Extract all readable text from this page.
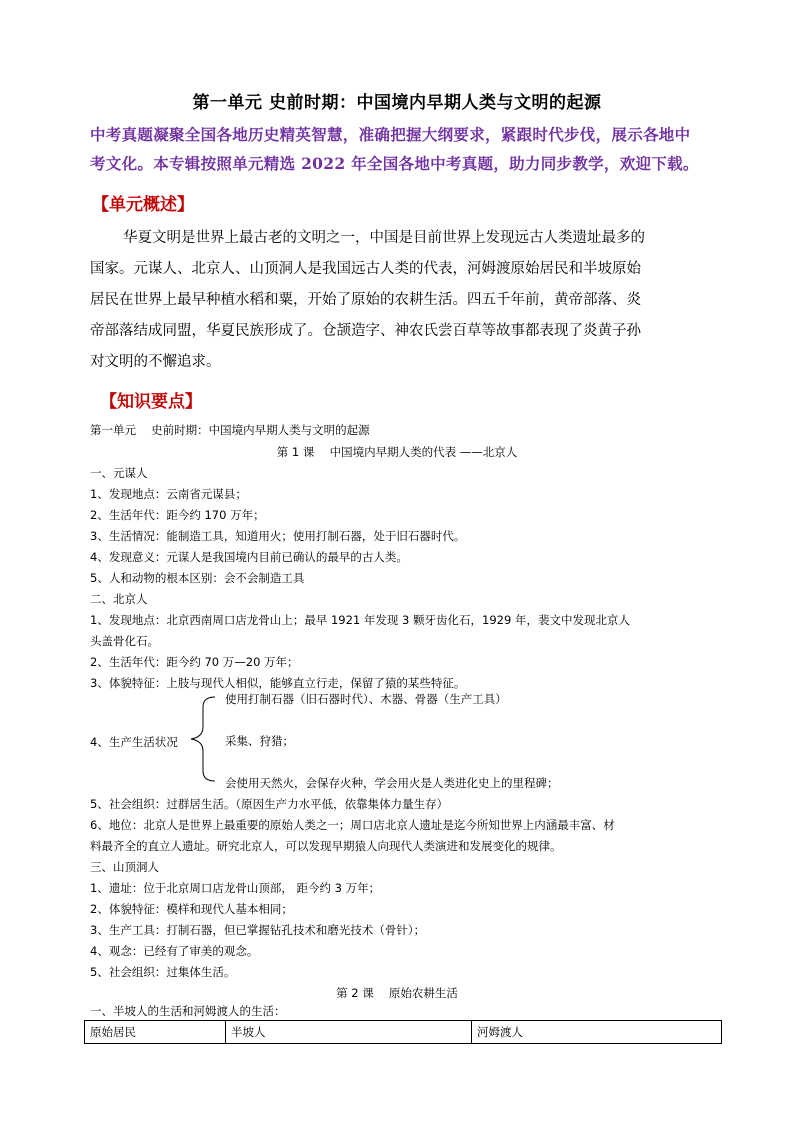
第一单元 史前时期：中国境内早期人类与文明的起源
中考真题凝聚全国各地历史精英智慧，准确把握大纲要求，紧跟时代步伐，展示各地中
考文化。本专辑按照单元精选 2022 年全国各地中考真题，助力同步教学，欢迎下载。
【单元概述】
华夏文明是世界上最古老的文明之一，中国是目前世界上发现远古人类遗址最多的
国家。元谋人、北京人、山顶洞人是我国远古人类的代表，河姆渡原始居民和半坡原始
居民在世界上最早种植水稻和粟，开始了原始的农耕生活。四五千年前，黄帝部落、炎
帝部落结成同盟，华夏民族形成了。仓颉造字、神农氏尝百草等故事都表现了炎黄子孙
对文明的不懈追求。
【知识要点】
第一单元　 史前时期：中国境内早期人类与文明的起源
第 1 课　 中国境内早期人类的代表 ——北京人
一、元谋人
1、发现地点：云南省元谋县；
2、生活年代：距今约 170 万年；
3、生活情况：能制造工具，知道用火；使用打制石器，处于旧石器时代。
4、发现意义：元谋人是我国境内目前已确认的最早的古人类。
5、人和动物的根本区别：会不会制造工具
二、北京人
1、发现地点：北京西南周口店龙骨山上；最早 1921 年发现 3 颗牙齿化石，1929 年，裴文中发现北京人
头盖骨化石。
2、生活年代：距今约 70 万—20 万年；
3、体貌特征：上肢与现代人相似，能够直立行走，保留了猿的某些特征。
4、生产生活状况
使用打制石器（旧石器时代）、木器、骨器（生产工具）
采集、狩猎；
会使用天然火，会保存火种，学会用火是人类进化史上的里程碑；
5、社会组织：过群居生活。（原因生产力水平低，依靠集体力量生存）
6、地位：北京人是世界上最重要的原始人类之一；周口店北京人遗址是迄今所知世界上内涵最丰富、材
料最齐全的直立人遗址。研究北京人，可以发现早期猿人向现代人类演进和发展变化的规律。
三、山顶洞人
1、遗址：位于北京周口店龙骨山顶部， 距今约 3 万年；
2、体貌特征：模样和现代人基本相同；
3、生产工具：打制石器，但已掌握钻孔技术和磨光技术（骨针）；
4、观念：已经有了审美的观念。
5、社会组织：过集体生活。
第 2 课　 原始农耕生活
一、半坡人的生活和河姆渡人的生活：
原始居民	半坡人	河姆渡人
